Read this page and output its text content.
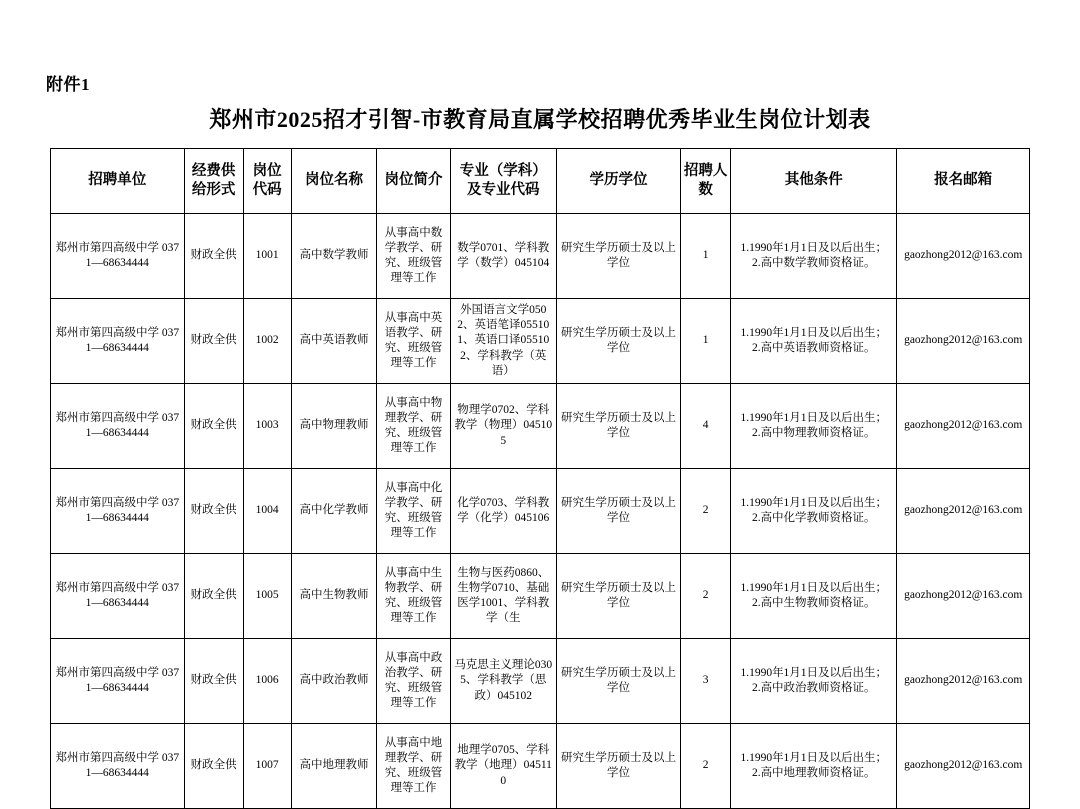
附件1
郑州市2025招才引智-市教育局直属学校招聘优秀毕业生岗位计划表
招聘单位	经费供给形式	岗位代码	岗位名称	岗位简介	专业（学科）及专业代码	学历学位	招聘人数	其他条件	报名邮箱

郑州市第四高级中学 0371—68634444	财政全供	1001	高中数学教师	从事高中数学教学、研究、班级管理等工作	数学0701、学科教学（数学）045104	研究生学历硕士及以上学位	1	1.1990年1月1日及以后出生；
2.高中数学教师资格证。	gaozhong2012@163.com

郑州市第四高级中学 0371—68634444	财政全供	1002	高中英语教师	从事高中英语教学、研究、班级管理等工作	外国语言文学0502、英语笔译055101、英语口译055102、学科教学（英语）	研究生学历硕士及以上学位	1	1.1990年1月1日及以后出生；
2.高中英语教师资格证。	gaozhong2012@163.com

郑州市第四高级中学 0371—68634444	财政全供	1003	高中物理教师	从事高中物理教学、研究、班级管理等工作	物理学0702、学科教学（物理）045105	研究生学历硕士及以上学位	4	1.1990年1月1日及以后出生；
2.高中物理教师资格证。	gaozhong2012@163.com

郑州市第四高级中学 0371—68634444	财政全供	1004	高中化学教师	从事高中化学教学、研究、班级管理等工作	化学0703、学科教学（化学）045106	研究生学历硕士及以上学位	2	1.1990年1月1日及以后出生；
2.高中化学教师资格证。	gaozhong2012@163.com

郑州市第四高级中学 0371—68634444	财政全供	1005	高中生物教师	从事高中生物教学、研究、班级管理等工作	生物与医药0860、生物学0710、基础医学1001、学科教学（生	研究生学历硕士及以上学位	2	1.1990年1月1日及以后出生；
2.高中生物教师资格证。	gaozhong2012@163.com

郑州市第四高级中学 0371—68634444	财政全供	1006	高中政治教师	从事高中政治教学、研究、班级管理等工作	马克思主义理论0305、学科教学（思政）045102	研究生学历硕士及以上学位	3	1.1990年1月1日及以后出生；
2.高中政治教师资格证。	gaozhong2012@163.com

郑州市第四高级中学 0371—68634444	财政全供	1007	高中地理教师	从事高中地理教学、研究、班级管理等工作	地理学0705、学科教学（地理）045110	研究生学历硕士及以上学位	2	1.1990年1月1日及以后出生；
2.高中地理教师资格证。	gaozhong2012@163.com
